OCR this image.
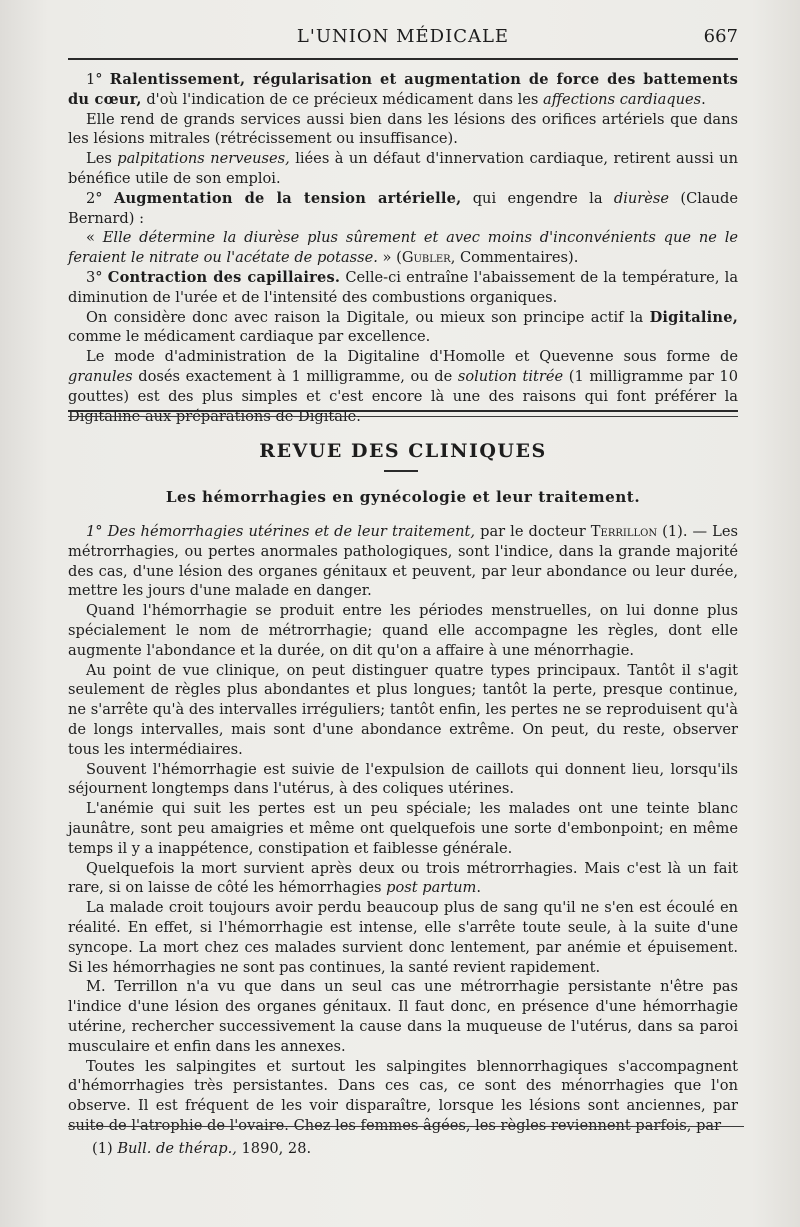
L'UNION MÉDICALE	667

1° Ralentissement, régularisation et augmentation de force des battements du cœur, d'où l'indication de ce précieux médicament dans les affections cardiaques.

Elle rend de grands services aussi bien dans les lésions des orifices artériels que dans les lésions mitrales (rétrécissement ou insuffisance).

Les palpitations nerveuses, liées à un défaut d'innervation cardiaque, retirent aussi un bénéfice utile de son emploi.

2° Augmentation de la tension artérielle, qui engendre la diurèse (Claude Bernard) :

« Elle détermine la diurèse plus sûrement et avec moins d'inconvénients que ne le feraient le nitrate ou l'acétate de potasse. » (Gubler, Commentaires).

3° Contraction des capillaires. Celle-ci entraîne l'abaissement de la température, la diminution de l'urée et de l'intensité des combustions organiques.

On considère donc avec raison la Digitale, ou mieux son principe actif la Digitaline, comme le médicament cardiaque par excellence.

Le mode d'administration de la Digitaline d'Homolle et Quevenne sous forme de granules dosés exactement à 1 milligramme, ou de solution titrée (1 milligramme par 10 gouttes) est des plus simples et c'est encore là une des raisons qui font préférer la Digitaline aux préparations de Digitale.

REVUE DES CLINIQUES
Les hémorrhagies en gynécologie et leur traitement.

1° Des hémorrhagies utérines et de leur traitement, par le docteur Terrillon (1). — Les métrorrhagies, ou pertes anormales pathologiques, sont l'indice, dans la grande majorité des cas, d'une lésion des organes génitaux et peuvent, par leur abondance ou leur durée, mettre les jours d'une malade en danger.

Quand l'hémorrhagie se produit entre les périodes menstruelles, on lui donne plus spécialement le nom de métrorrhagie; quand elle accompagne les règles, dont elle augmente l'abondance et la durée, on dit qu'on a affaire à une ménorrhagie.

Au point de vue clinique, on peut distinguer quatre types principaux. Tantôt il s'agit seulement de règles plus abondantes et plus longues; tantôt la perte, presque continue, ne s'arrête qu'à des intervalles irréguliers; tantôt enfin, les pertes ne se reproduisent qu'à de longs intervalles, mais sont d'une abondance extrême. On peut, du reste, observer tous les intermédiaires.

Souvent l'hémorrhagie est suivie de l'expulsion de caillots qui donnent lieu, lorsqu'ils séjournent longtemps dans l'utérus, à des coliques utérines.

L'anémie qui suit les pertes est un peu spéciale; les malades ont une teinte blanc jaunâtre, sont peu amaigries et même ont quelquefois une sorte d'embonpoint; en même temps il y a inappétence, constipation et faiblesse générale.

Quelquefois la mort survient après deux ou trois métrorrhagies. Mais c'est là un fait rare, si on laisse de côté les hémorrhagies post partum.

La malade croit toujours avoir perdu beaucoup plus de sang qu'il ne s'en est écoulé en réalité. En effet, si l'hémorrhagie est intense, elle s'arrête toute seule, à la suite d'une syncope. La mort chez ces malades survient donc lentement, par anémie et épuisement. Si les hémorrhagies ne sont pas continues, la santé revient rapidement.

M. Terrillon n'a vu que dans un seul cas une métrorrhagie persistante n'être pas l'indice d'une lésion des organes génitaux. Il faut donc, en présence d'une hémorrhagie utérine, rechercher successivement la cause dans la muqueuse de l'utérus, dans sa paroi musculaire et enfin dans les annexes.

Toutes les salpingites et surtout les salpingites blennorrhagiques s'accompagnent d'hémorrhagies très persistantes. Dans ces cas, ce sont des ménorrhagies que l'on observe. Il est fréquent de les voir disparaître, lorsque les lésions sont anciennes, par suite de l'atrophie de l'ovaire. Chez les femmes âgées, les règles reviennent parfois, par

(1) Bull. de thérap., 1890, 28.
